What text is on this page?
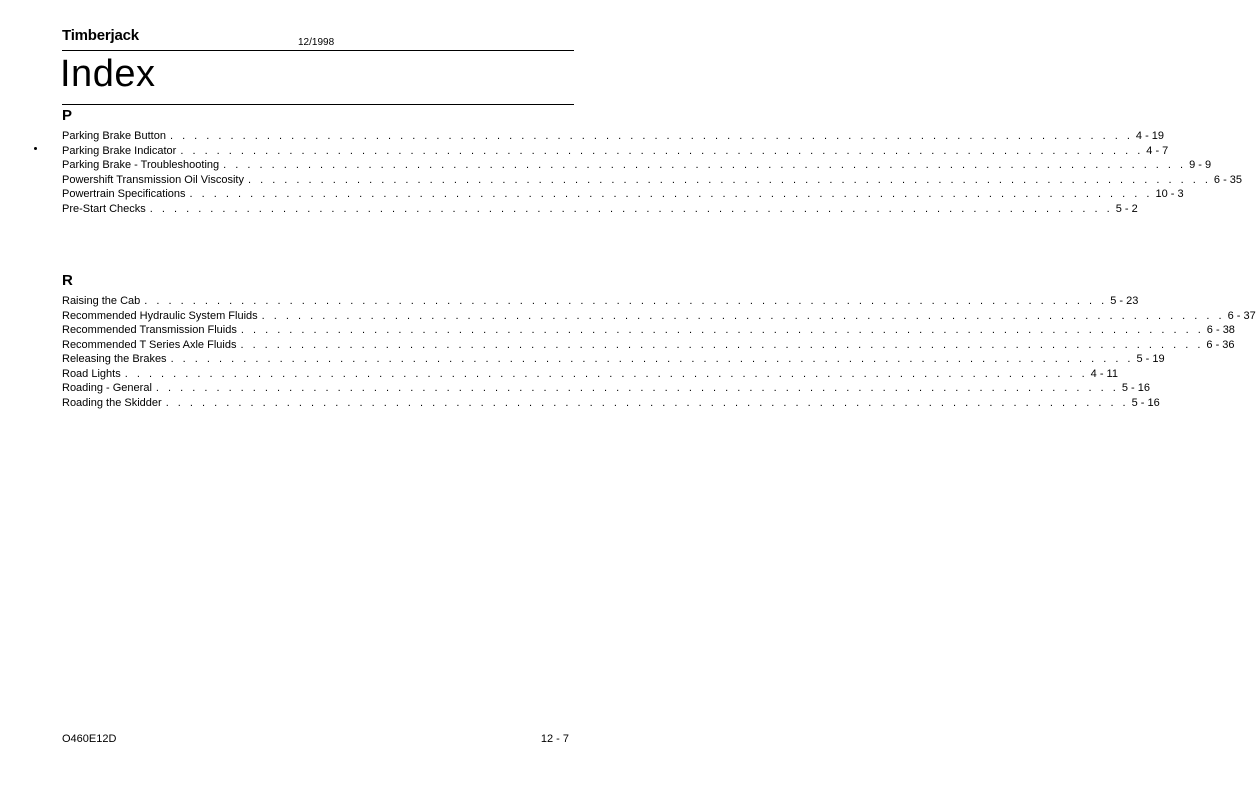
Timberjack	12/1998
Index
P
Parking Brake Button . . . . . . . . . . . . . . . . . . . . . . . . . . . . . . . . . . . . . . . . . . . . . . . . . . . . . . . . . . . . . . . . . . . . . . . . . . . . . . . . 4 - 19
Parking Brake Indicator . . . . . . . . . . . . . . . . . . . . . . . . . . . . . . . . . . . . . . . . . . . . . . . . . . . . . . . . . . . . . . . . . . . . . . . . . . . . . . . . 4 - 7
Parking Brake - Troubleshooting . . . . . . . . . . . . . . . . . . . . . . . . . . . . . . . . . . . . . . . . . . . . . . . . . . . . . . . . . . . . . . . . . . . . . . . . . . . . . . . . 9 - 9
Powershift Transmission Oil Viscosity . . . . . . . . . . . . . . . . . . . . . . . . . . . . . . . . . . . . . . . . . . . . . . . . . . . . . . . . . . . . . . . . . . . . . . . . . . . . . . . . 6 - 35
Powertrain Specifications . . . . . . . . . . . . . . . . . . . . . . . . . . . . . . . . . . . . . . . . . . . . . . . . . . . . . . . . . . . . . . . . . . . . . . . . . . . . . . . . 10 - 3
Pre-Start Checks . . . . . . . . . . . . . . . . . . . . . . . . . . . . . . . . . . . . . . . . . . . . . . . . . . . . . . . . . . . . . . . . . . . . . . . . . . . . . . . . 5 - 2
R
Raising the Cab . . . . . . . . . . . . . . . . . . . . . . . . . . . . . . . . . . . . . . . . . . . . . . . . . . . . . . . . . . . . . . . . . . . . . . . . . . . . . . . . 5 - 23
Recommended Hydraulic System Fluids . . . . . . . . . . . . . . . . . . . . . . . . . . . . . . . . . . . . . . . . . . . . . . . . . . . . . . . . . . . . . . . . . . . . . . . . . . . . . . . . 6 - 37
Recommended Transmission Fluids . . . . . . . . . . . . . . . . . . . . . . . . . . . . . . . . . . . . . . . . . . . . . . . . . . . . . . . . . . . . . . . . . . . . . . . . . . . . . . . . 6 - 38
Recommended T Series Axle Fluids . . . . . . . . . . . . . . . . . . . . . . . . . . . . . . . . . . . . . . . . . . . . . . . . . . . . . . . . . . . . . . . . . . . . . . . . . . . . . . . . 6 - 36
Releasing the Brakes . . . . . . . . . . . . . . . . . . . . . . . . . . . . . . . . . . . . . . . . . . . . . . . . . . . . . . . . . . . . . . . . . . . . . . . . . . . . . . . . 5 - 19
Road Lights . . . . . . . . . . . . . . . . . . . . . . . . . . . . . . . . . . . . . . . . . . . . . . . . . . . . . . . . . . . . . . . . . . . . . . . . . . . . . . . . 4 - 11
Roading - General . . . . . . . . . . . . . . . . . . . . . . . . . . . . . . . . . . . . . . . . . . . . . . . . . . . . . . . . . . . . . . . . . . . . . . . . . . . . . . . . 5 - 16
Roading the Skidder . . . . . . . . . . . . . . . . . . . . . . . . . . . . . . . . . . . . . . . . . . . . . . . . . . . . . . . . . . . . . . . . . . . . . . . . . . . . . . . . 5 - 16
O460E12D	12 - 7
